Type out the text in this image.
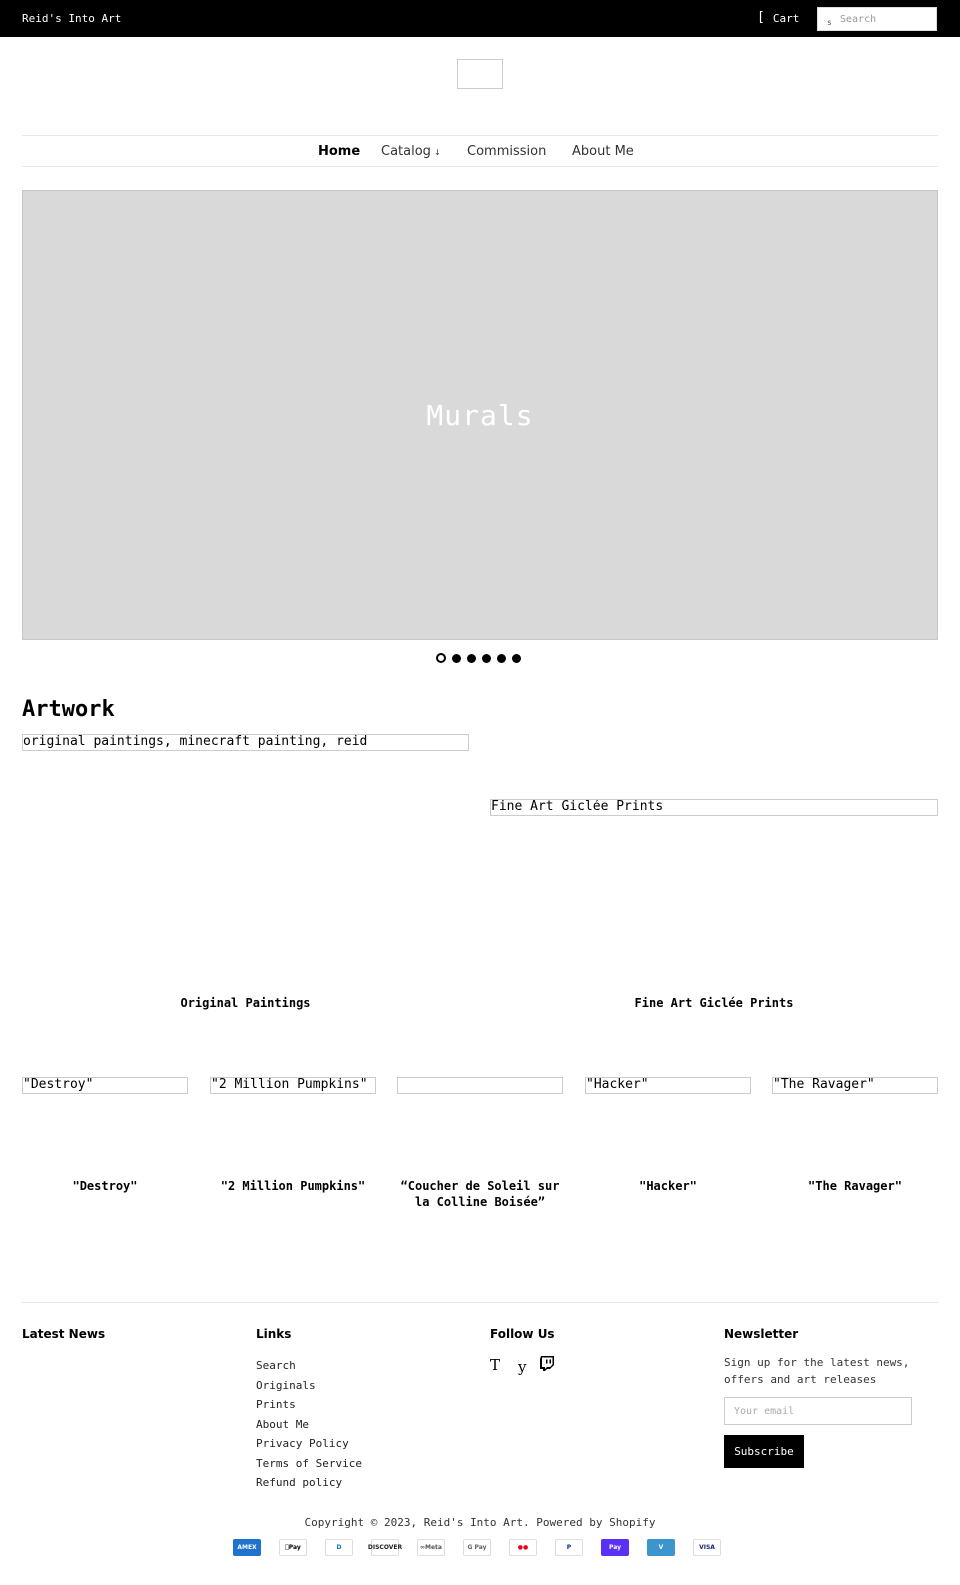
Reid's Into Art	[ Cart	s
Search
Home Catalog ↓ Commission About Me
Murals
Artwork
original paintings, minecraft painting, reid
Fine Art Giclée Prints
Original Paintings	Fine Art Giclée Prints
"Destroy"	"2 Million Pumpkins"	"Hacker"	"The Ravager"
"Destroy"	"2 Million Pumpkins"	“Coucher de Soleil sur la Colline Boisée”
"Hacker"	"The Ravager"
Latest News	Links	Follow Us	Newsletter
Search
Originals
Prints
About Me
Privacy Policy
Terms of Service
Refund policy
T y	Sign up for the latest news, offers and art releases

Your email
Subscribe

Copyright © 2023, Reid's Into Art. Powered by Shopify

AMEX	Pay	D	DISCOVER	∞Meta	G Pay	●●	P	Pay	V	VISA
